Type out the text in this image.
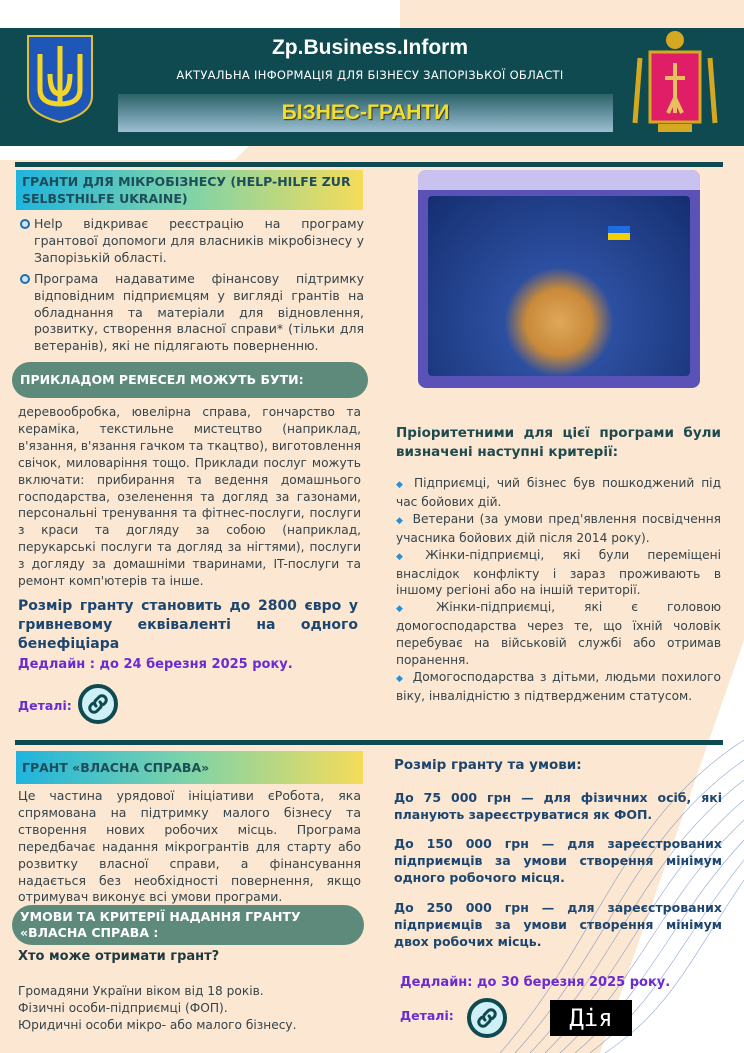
Zp.Business.Inform
АКТУАЛЬНА ІНФОРМАЦІЯ ДЛЯ БІЗНЕСУ ЗАПОРІЗЬКОЇ ОБЛАСТІ
БІЗНЕС-ГРАНТИ
ГРАНТИ ДЛЯ МІКРОБІЗНЕСУ (HELP-HILFE ZUR SELBSTHILFE UKRAINE)
Help відкриває реєстрацію на програму грантової допомоги для власників мікробізнесу у Запорізькій області.
Програма надаватиме фінансову підтримку відповідним підприємцям у вигляді грантів на обладнання та матеріали для відновлення, розвитку, створення власної справи* (тільки для ветеранів), які не підлягають поверненню.
ПРИКЛАДОМ РЕМЕСЕЛ МОЖУТЬ БУТИ:
деревообробка, ювелірна справа, гончарство та кераміка, текстильне мистецтво (наприклад, в'язання, в'язання гачком та ткацтво), виготовлення свічок, миловаріння тощо. Приклади послуг можуть включати: прибирання та ведення домашнього господарства, озеленення та догляд за газонами, персональні тренування та фітнес-послуги, послуги з краси та догляду за собою (наприклад, перукарські послуги та догляд за нігтями), послуги з догляду за домашніми тваринами, IT-послуги та ремонт комп'ютерів та інше.
Розмір гранту становить до 2800 євро у гривневому еквіваленті на одного бенефіціара
Дедлайн : до 24 березня 2025 року.
Деталі:
Пріоритетними для цієї програми були визначені наступні критерії:
◆ Підприємці, чий бізнес був пошкоджений під час бойових дій.
◆ Ветерани (за умови пред'явлення посвідчення учасника бойових дій після 2014 року).
◆ Жінки-підприємці, які були переміщені внаслідок конфлікту і зараз проживають в іншому регіоні або на іншій території.
◆ Жінки-підприємці, які є головою домогосподарства через те, що їхній чоловік перебуває на військовій службі або отримав поранення.
◆ Домогосподарства з дітьми, людьми похилого віку, інвалідністю з підтвердженим статусом.
ГРАНТ «ВЛАСНА СПРАВА»
Це частина урядової ініціативи єРобота, яка спрямована на підтримку малого бізнесу та створення нових робочих місць. Програма передбачає надання мікрогрантів для старту або розвитку власної справи, а фінансування надається без необхідності повернення, якщо отримувач виконує всі умови програми.
УМОВИ ТА КРИТЕРІЇ НАДАННЯ ГРАНТУ
«ВЛАСНА СПРАВА :
Хто може отримати грант?
Громадяни України віком від 18 років.
Фізичні особи-підприємці (ФОП).
Юридичні особи мікро- або малого бізнесу.
Розмір гранту та умови:
До 75 000 грн — для фізичних осіб, які планують зареєструватися як ФОП.
До 150 000 грн — для зареєстрованих підприємців за умови створення мінімум одного робочого місця.
До 250 000 грн — для зареєстрованих підприємців за умови створення мінімум двох робочих місць.
Дедлайн: до 30 березня 2025 року.
Деталі:	Дія
